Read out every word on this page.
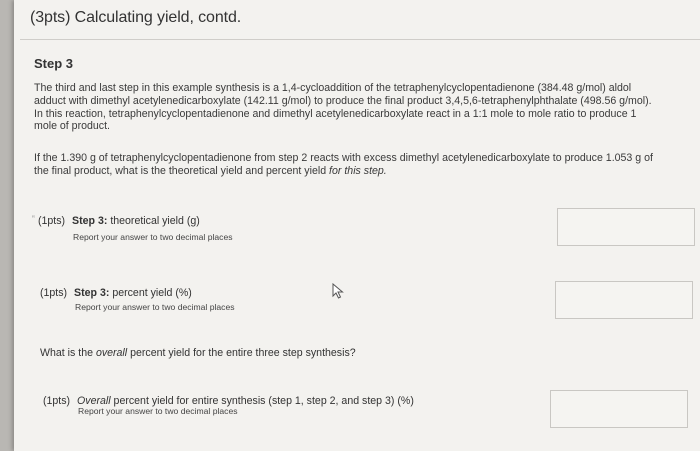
(3pts) Calculating yield, contd.
Step 3
The third and last step in this example synthesis is a 1,4-cycloaddition of the tetraphenylcyclopentadienone (384.48 g/mol) aldol
adduct with dimethyl acetylenedicarboxylate (142.11 g/mol) to produce the final product 3,4,5,6-tetraphenylphthalate (498.56 g/mol).
In this reaction, tetraphenylcyclopentadienone and dimethyl acetylenedicarboxylate react in a 1:1 mole to mole ratio to produce 1
mole of product.
If the 1.390 g of tetraphenylcyclopentadienone from step 2 reacts with excess dimethyl acetylenedicarboxylate to produce 1.053 g of
the final product, what is the theoretical yield and percent yield for this step.
‟ (1pts) Step 3: theoretical yield (g)
Report your answer to two decimal places
(1pts) Step 3: percent yield (%)
Report your answer to two decimal places
What is the overall percent yield for the entire three step synthesis?
(1pts) Overall percent yield for entire synthesis (step 1, step 2, and step 3) (%)
Report your answer to two decimal places
